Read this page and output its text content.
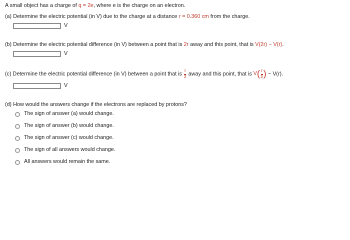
A small object has a charge of q = 2e, where e is the charge on an electron.
(a) Determine the electric potential (in V) due to the charge at a distance r = 0.360 cm from the charge.
V
(b) Determine the electric potential difference (in V) between a point that is 2r away and this point, that is V(2r) − V(r).
V
(c) Determine the electric potential difference (in V) between a point that is $\frac{r}{2}$ away and this point, that is $V( \frac{r}{2}$ ) − V(r).
V
(d) How would the answers change if the electrons are replaced by protons?
The sign of answer (a) would change.
The sign of answer (b) would change.
The sign of answer (c) would change.
The sign of all answers would change.
All answers would remain the same.
